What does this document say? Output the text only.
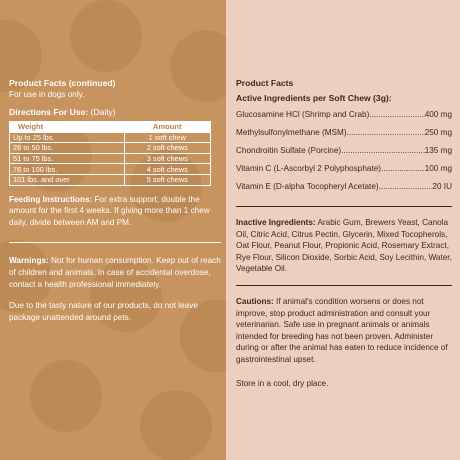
Product Facts (continued)

For use in dogs only.

Directions For Use: (Daily)

Weight	Amount
Up to 25 lbs.	1 soft chew
26 to 50 lbs.	2 soft chews
51 to 75 lbs.	3 soft chews
76 to 100 lbs.	4 soft chews
101 lbs. and over	5 soft chews

Feeding Instructions: For extra support, double the amount for the first 4 weeks. If giving more than 1 chew daily, divide between AM and PM.

Warnings: Not for human consumption. Keep out of reach of children and animals. In case of accidental overdose, contact a health professional immediately.

Due to the tasty nature of our products, do not leave package unattended around pets.

Product Facts

Active Ingredients per Soft Chew (3g):

Glucosamine HCl (Shrimp and Crab) .....	400 mg
Methylsulfonylmethane (MSM) .....	250 mg
Chondroitin Sulfate (Porcine) .....	135 mg
Vitamin C (L-Ascorbyl 2 Polyphosphate) .....	100 mg
Vitamin E (D-alpha Tocopheryl Acetate) .....	20 IU

Inactive Ingredients: Arabic Gum, Brewers Yeast, Canola Oil, Citric Acid, Citrus Pectin, Glycerin, Mixed Tocopherols, Oat Flour, Peanut Flour, Propionic Acid, Rosemary Extract, Rye Flour, Silicon Dioxide, Sorbic Acid, Soy Lecithin, Water, Vegetable Oil.

Cautions: If animal's condition worsens or does not improve, stop product administration and consult your veterinarian. Safe use in pregnant animals or animals intended for breeding has not been proven. Administer during or after the animal has eaten to reduce incidence of gastrointestinal upset.

Store in a cool, dry place.
